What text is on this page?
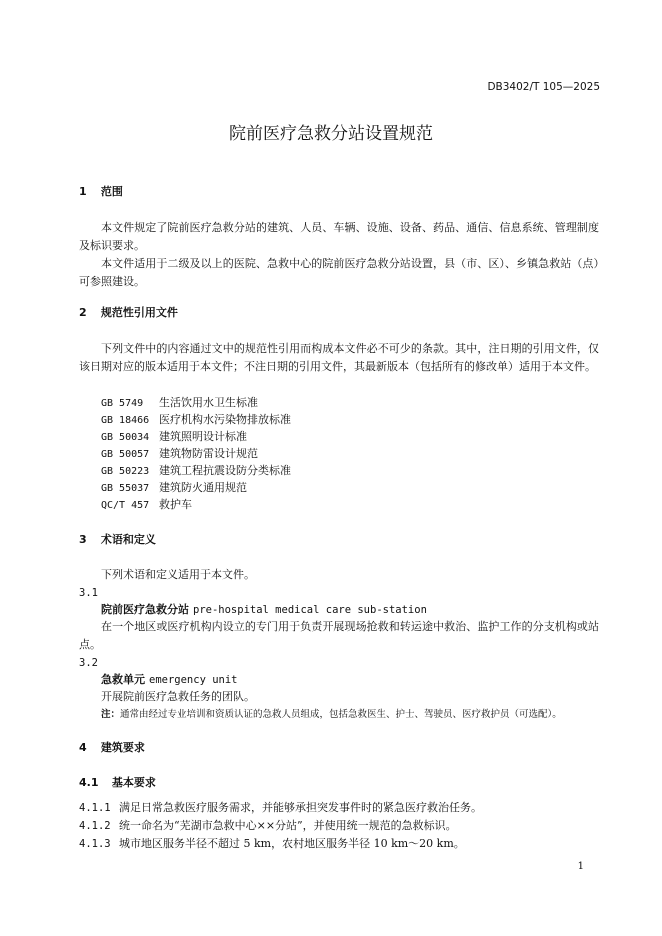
DB3402/T 105—2025
院前医疗急救分站设置规范
1 范围
本文件规定了院前医疗急救分站的建筑、人员、车辆、设施、设备、药品、通信、信息系统、管理制度及标识要求。
本文件适用于二级及以上的医院、急救中心的院前医疗急救分站设置，县（市、区）、乡镇急救站（点）可参照建设。
2 规范性引用文件
下列文件中的内容通过文中的规范性引用而构成本文件必不可少的条款。其中，注日期的引用文件，仅该日期对应的版本适用于本文件；不注日期的引用文件，其最新版本（包括所有的修改单）适用于本文件。
GB 5749 生活饮用水卫生标准
GB 18466 医疗机构水污染物排放标准
GB 50034 建筑照明设计标准
GB 50057 建筑物防雷设计规范
GB 50223 建筑工程抗震设防分类标准
GB 55037 建筑防火通用规范
QC/T 457 救护车
3 术语和定义
下列术语和定义适用于本文件。
3.1
院前医疗急救分站 pre-hospital medical care sub-station
在一个地区或医疗机构内设立的专门用于负责开展现场抢救和转运途中救治、监护工作的分支机构或站点。
3.2
急救单元 emergency unit
开展院前医疗急救任务的团队。
注：通常由经过专业培训和资质认证的急救人员组成，包括急救医生、护士、驾驶员、医疗救护员（可选配）。
4 建筑要求
4.1 基本要求
4.1.1 满足日常急救医疗服务需求，并能够承担突发事件时的紧急医疗救治任务。
4.1.2 统一命名为“芜湖市急救中心××分站”，并使用统一规范的急救标识。
4.1.3 城市地区服务半径不超过 5 km，农村地区服务半径 10 km～20 km。
1
